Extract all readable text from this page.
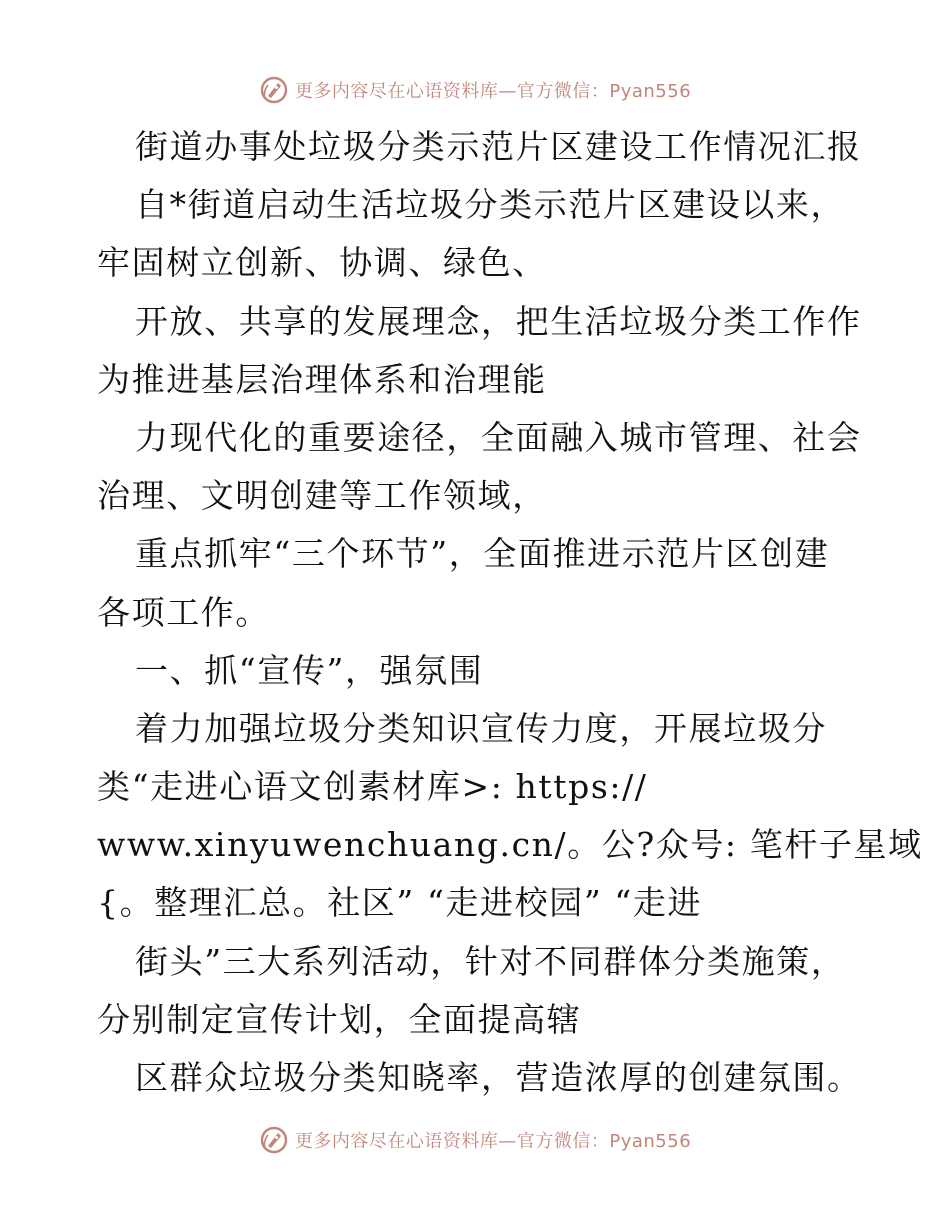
更多内容尽在心语资料库—官方微信：Pyan556
街道办事处垃圾分类示范片区建设工作情况汇报
自*街道启动生活垃圾分类示范片区建设以来，
牢固树立创新、协调、绿色、
开放、共享的发展理念，把生活垃圾分类工作作
为推进基层治理体系和治理能
力现代化的重要途径，全面融入城市管理、社会
治理、文明创建等工作领域，
重点抓牢“三个环节”，全面推进示范片区创建
各项工作。
一、抓“宣传”，强氛围
着力加强垃圾分类知识宣传力度，开展垃圾分
类“走进心语文创素材库>: https://
www.xinyuwenchuang.cn/。公?众号: 笔杆子星域
{。整理汇总。社区” “走进校园” “走进
街头”三大系列活动，针对不同群体分类施策，
分别制定宣传计划，全面提高辖
区群众垃圾分类知晓率，营造浓厚的创建氛围。
更多内容尽在心语资料库—官方微信：Pyan556
